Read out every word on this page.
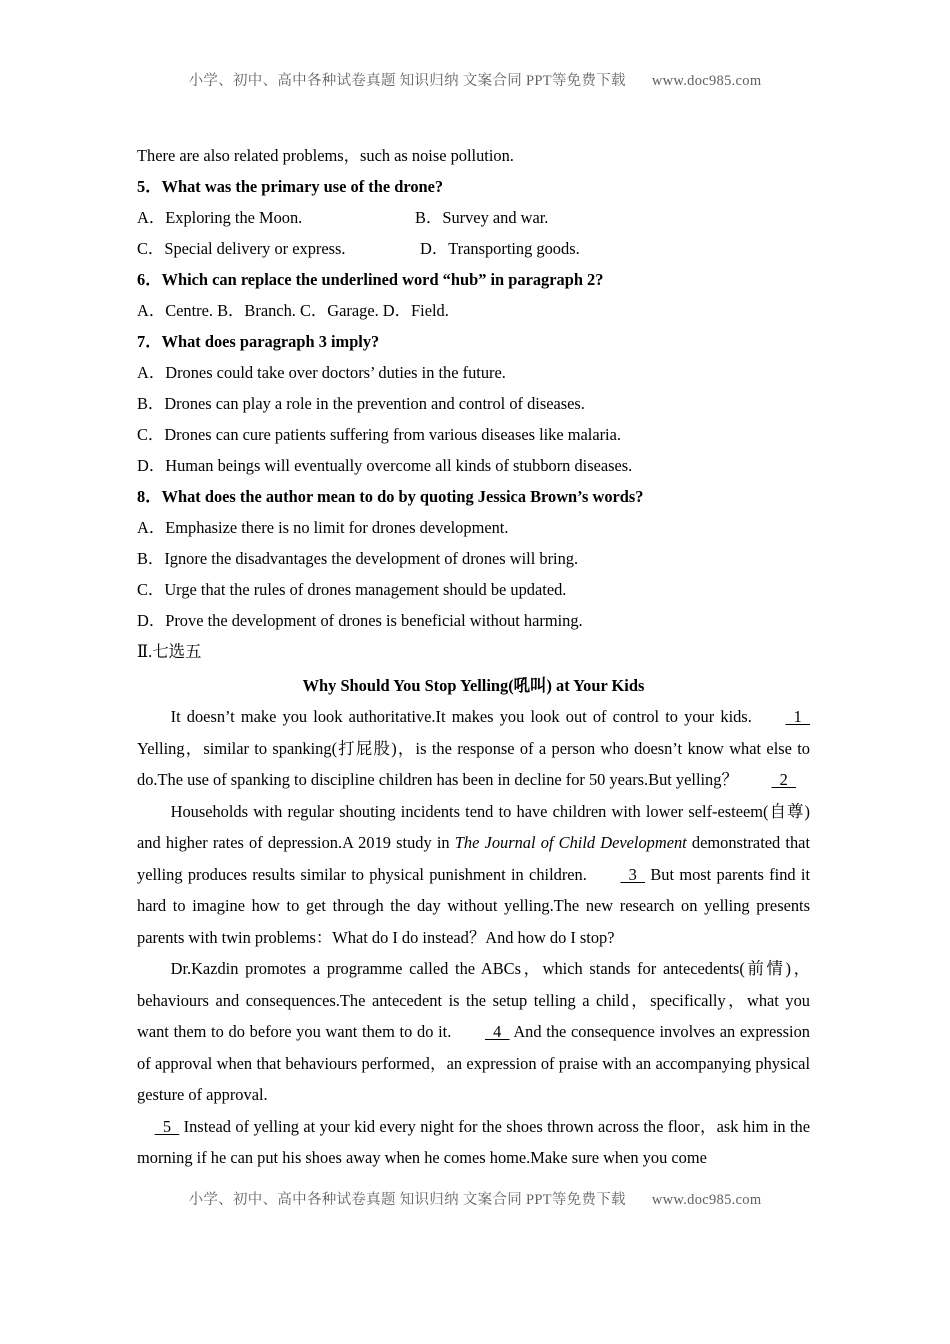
小学、初中、高中各种试卷真题 知识归纳 文案合同 PPT等免费下载 www.doc985.com
There are also related problems，such as noise pollution.
5．What was the primary use of the drone?
A．Exploring the Moon.	B．Survey and war.
C．Special delivery or express.	D．Transporting goods.
6．Which can replace the underlined word “hub” in paragraph 2?
A．Centre. B．Branch. C．Garage. D．Field.
7．What does paragraph 3 imply?
A．Drones could take over doctors’ duties in the future.
B．Drones can play a role in the prevention and control of diseases.
C．Drones can cure patients suffering from various diseases like malaria.
D．Human beings will eventually overcome all kinds of stubborn diseases.
8．What does the author mean to do by quoting Jessica Brown’s words?
A．Emphasize there is no limit for drones development.
B．Ignore the disadvantages the development of drones will bring.
C．Urge that the rules of drones management should be updated.
D．Prove the development of drones is beneficial without harming.
Ⅱ.七选五
Why Should You Stop Yelling(吼叫) at Your Kids

It doesn’t make you look authoritative.It makes you look out of control to your kids.  1   Yelling，similar to spanking(打屁股)，is the response of a person who doesn’t know what else to do.The use of spanking to discipline children has been in decline for 50 years.But yelling？  2

Households with regular shouting incidents tend to have children with lower self-esteem(自尊) and higher rates of depression.A 2019 study in The Journal of Child Development demonstrated that yelling produces results similar to physical punishment in children.  3   But most parents find it hard to imagine how to get through the day without yelling.The new research on yelling presents parents with twin problems：What do I do instead？And how do I stop?

Dr.Kazdin promotes a programme called the ABCs，which stands for antecedents(前情)，behaviours and consequences.The antecedent is the setup telling a child，specifically，what you want them to do before you want them to do it.  4   And the consequence involves an expression of approval when that behaviours performed，an expression of praise with an accompanying physical gesture of approval.

5   Instead of yelling at your kid every night for the shoes thrown across the floor，ask him in the morning if he can put his shoes away when he comes home.Make sure when you come

小学、初中、高中各种试卷真题 知识归纳 文案合同 PPT等免费下载 www.doc985.com
